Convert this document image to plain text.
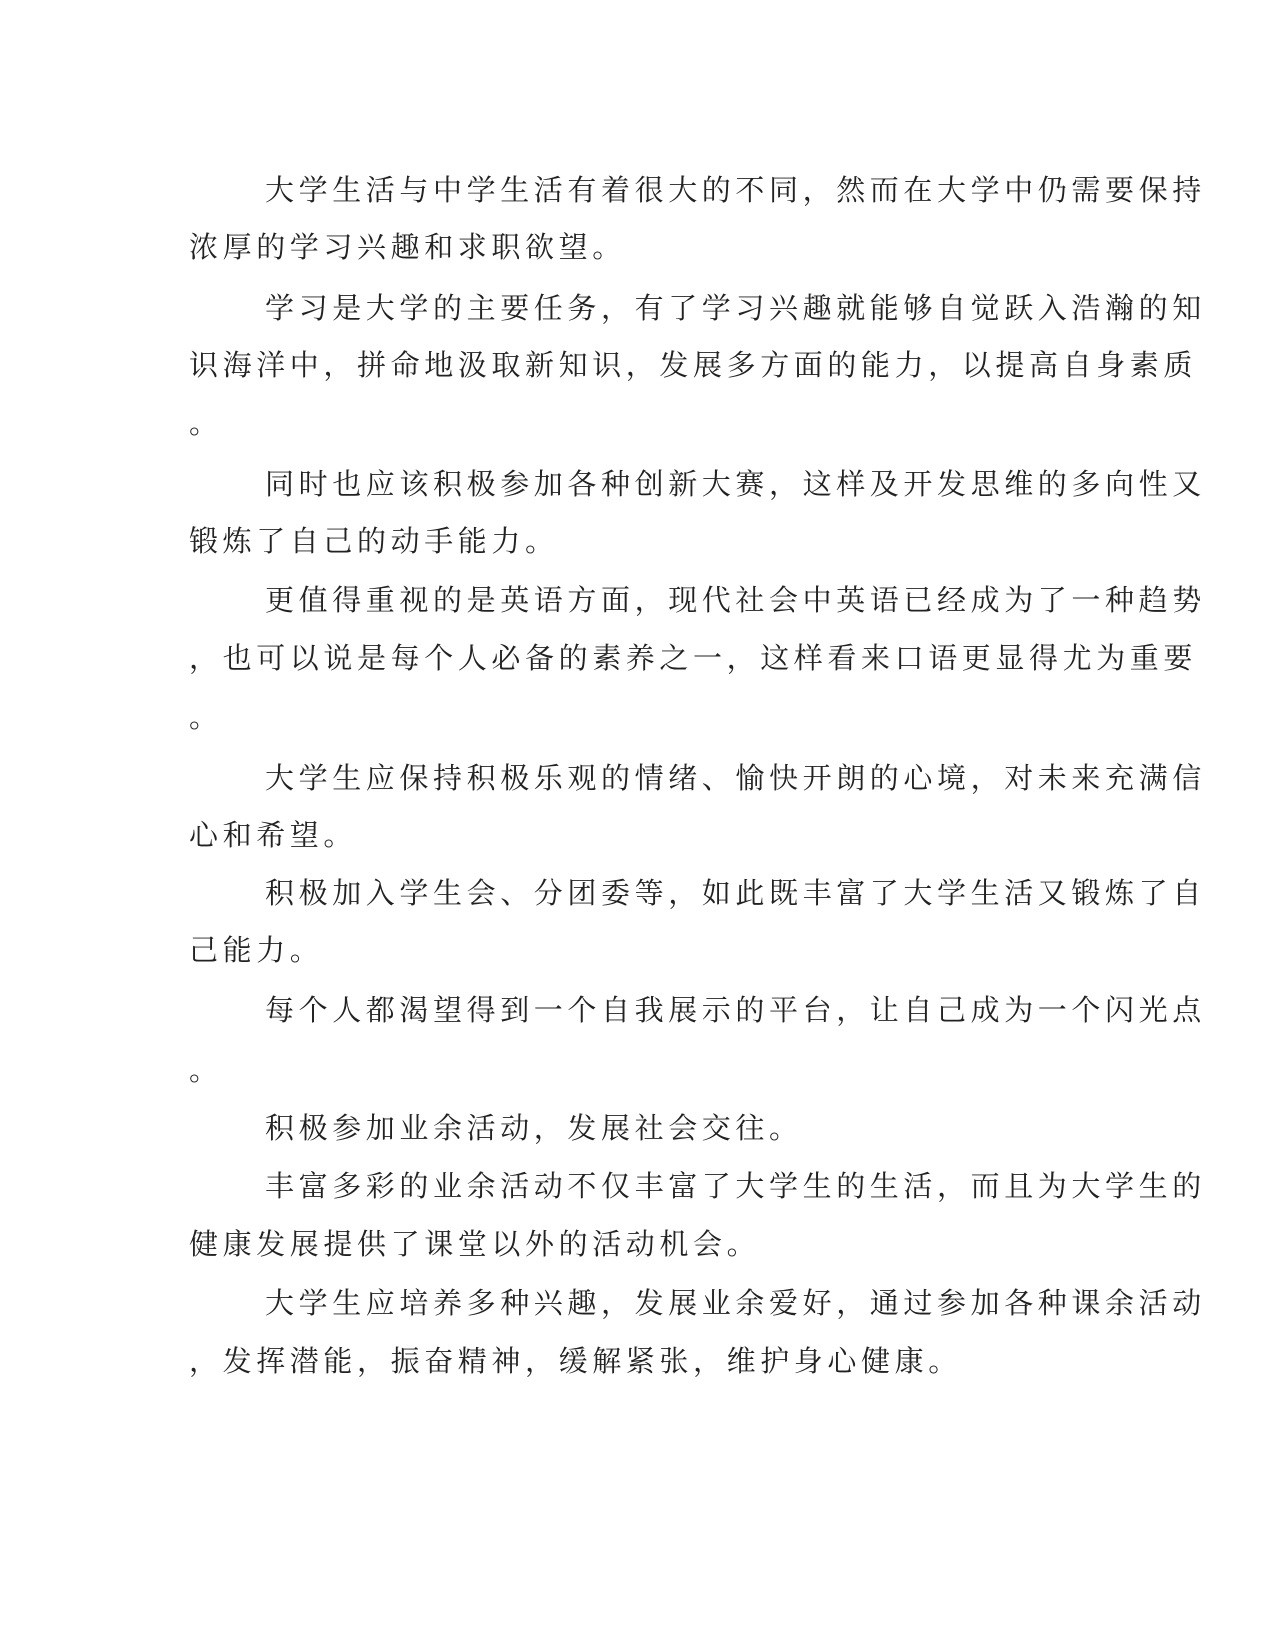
大学生活与中学生活有着很大的不同，然而在大学中仍需要保持
浓厚的学习兴趣和求职欲望。
学习是大学的主要任务，有了学习兴趣就能够自觉跃入浩瀚的知
识海洋中，拼命地汲取新知识，发展多方面的能力，以提高自身素质
。
同时也应该积极参加各种创新大赛，这样及开发思维的多向性又
锻炼了自己的动手能力。
更值得重视的是英语方面，现代社会中英语已经成为了一种趋势
，也可以说是每个人必备的素养之一，这样看来口语更显得尤为重要
。
大学生应保持积极乐观的情绪、愉快开朗的心境，对未来充满信
心和希望。
积极加入学生会、分团委等，如此既丰富了大学生活又锻炼了自
己能力。
每个人都渴望得到一个自我展示的平台，让自己成为一个闪光点
。
积极参加业余活动，发展社会交往。
丰富多彩的业余活动不仅丰富了大学生的生活，而且为大学生的
健康发展提供了课堂以外的活动机会。
大学生应培养多种兴趣，发展业余爱好，通过参加各种课余活动
，发挥潜能，振奋精神，缓解紧张，维护身心健康。
